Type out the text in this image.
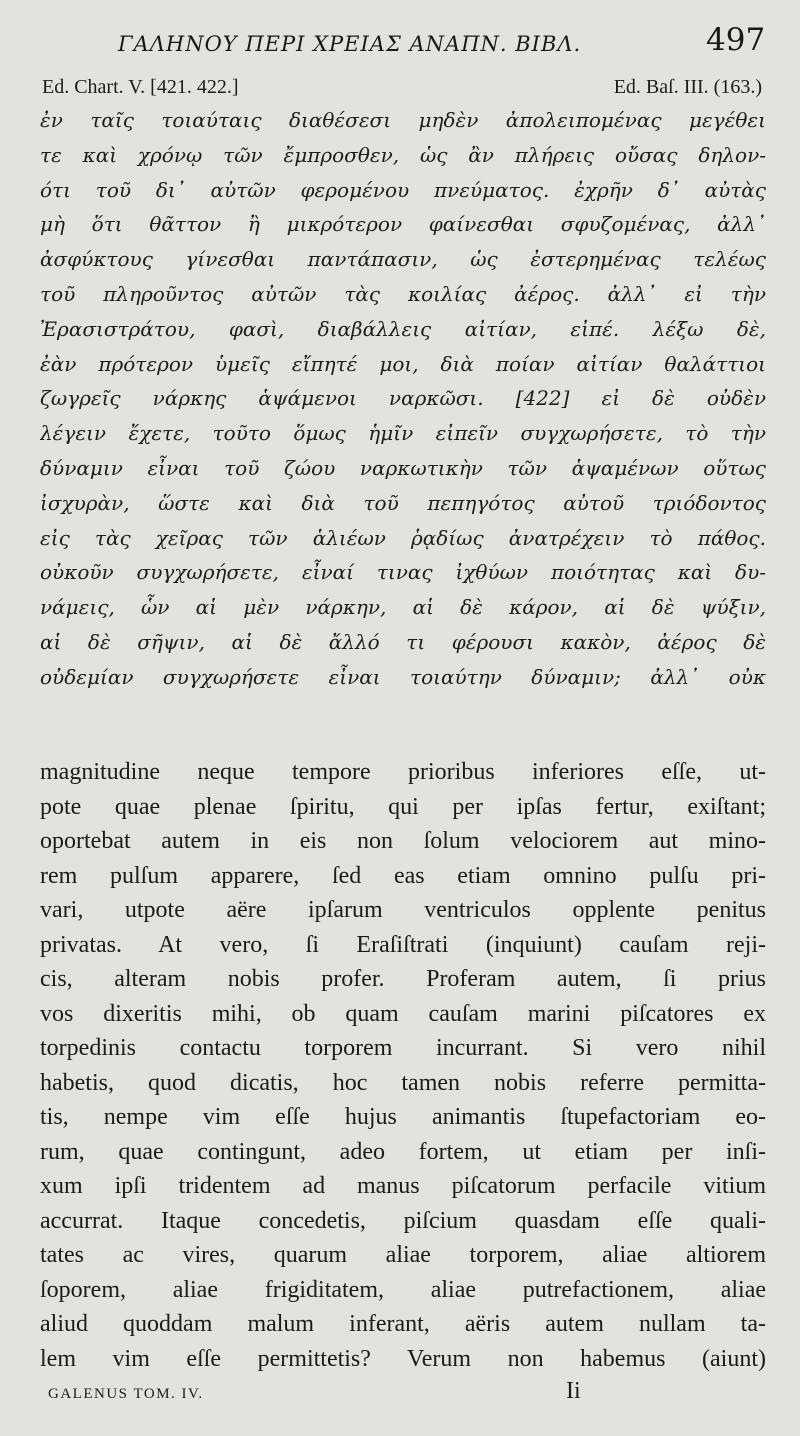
ΓΑΛΗΝΟΥ ΠΕΡΙ ΧΡΕΙΑΣ ΑΝΑΠΝ. ΒΙΒΛ.	497
Ed. Chart. V. [421. 422.]	Ed. Baſ. III. (163.)
ἐν ταῖς τοιαύταις διαθέσεσι μηδὲν ἀπολειπομένας μεγέθει
τε καὶ χρόνῳ τῶν ἔμπροσθεν, ὡς ἂν πλήρεις οὔσας δηλον-
ότι τοῦ δι᾽ αὐτῶν φερομένου πνεύματος. ἐχρῆν δ᾽ αὐτὰς
μὴ ὅτι θᾶττον ἢ μικρότερον φαίνεσθαι σφυζομένας, ἀλλ᾽
ἀσφύκτους γίνεσθαι παντάπασιν, ὡς ἐστερημένας τελέως
τοῦ πληροῦντος αὐτῶν τὰς κοιλίας ἀέρος. ἀλλ᾽ εἰ τὴν
Ἐρασιστράτου, φασὶ, διαβάλλεις αἰτίαν, εἰπέ. λέξω δὲ,
ἐὰν πρότερον ὑμεῖς εἴπητέ μοι, διὰ ποίαν αἰτίαν θαλάττιοι
ζωγρεῖς νάρκης ἁψάμενοι ναρκῶσι. [422] εἰ δὲ οὐδὲν
λέγειν ἔχετε, τοῦτο ὅμως ἡμῖν εἰπεῖν συγχωρήσετε, τὸ τὴν
δύναμιν εἶναι τοῦ ζώου ναρκωτικὴν τῶν ἁψαμένων οὕτως
ἰσχυρὰν, ὥστε καὶ διὰ τοῦ πεπηγότος αὐτοῦ τριόδοντος
εἰς τὰς χεῖρας τῶν ἁλιέων ῥᾳδίως ἀνατρέχειν τὸ πάθος.
οὐκοῦν συγχωρήσετε, εἶναί τινας ἰχθύων ποιότητας καὶ δυ-
νάμεις, ὧν αἱ μὲν νάρκην, αἱ δὲ κάρον, αἱ δὲ ψύξιν,
αἱ δὲ σῆψιν, αἱ δὲ ἄλλό τι φέρουσι κακὸν, ἀέρος δὲ
οὐδεμίαν συγχωρήσετε εἶναι τοιαύτην δύναμιν; ἀλλ᾽ οὐκ
magnitudine neque tempore prioribus inferiores eſſe, ut-
pote quae plenae ſpiritu, qui per ipſas fertur, exiſtant;
oportebat autem in eis non ſolum velociorem aut mino-
rem pulſum apparere, ſed eas etiam omnino pulſu pri-
vari, utpote aëre ipſarum ventriculos opplente penitus
privatas. At vero, ſi Eraſiſtrati (inquiunt) cauſam reji-
cis, alteram nobis profer. Proferam autem, ſi prius
vos dixeritis mihi, ob quam cauſam marini piſcatores ex
torpedinis contactu torporem incurrant. Si vero nihil
habetis, quod dicatis, hoc tamen nobis referre permitta-
tis, nempe vim eſſe hujus animantis ſtupefactoriam eo-
rum, quae contingunt, adeo fortem, ut etiam per inſi-
xum ipſi tridentem ad manus piſcatorum perfacile vitium
accurrat. Itaque concedetis, piſcium quasdam eſſe quali-
tates ac vires, quarum aliae torporem, aliae altiorem
ſoporem, aliae frigiditatem, aliae putrefactionem, aliae
aliud quoddam malum inferant, aëris autem nullam ta-
lem vim eſſe permittetis? Verum non habemus (aiunt)
GALENUS TOM. IV.	Ii
